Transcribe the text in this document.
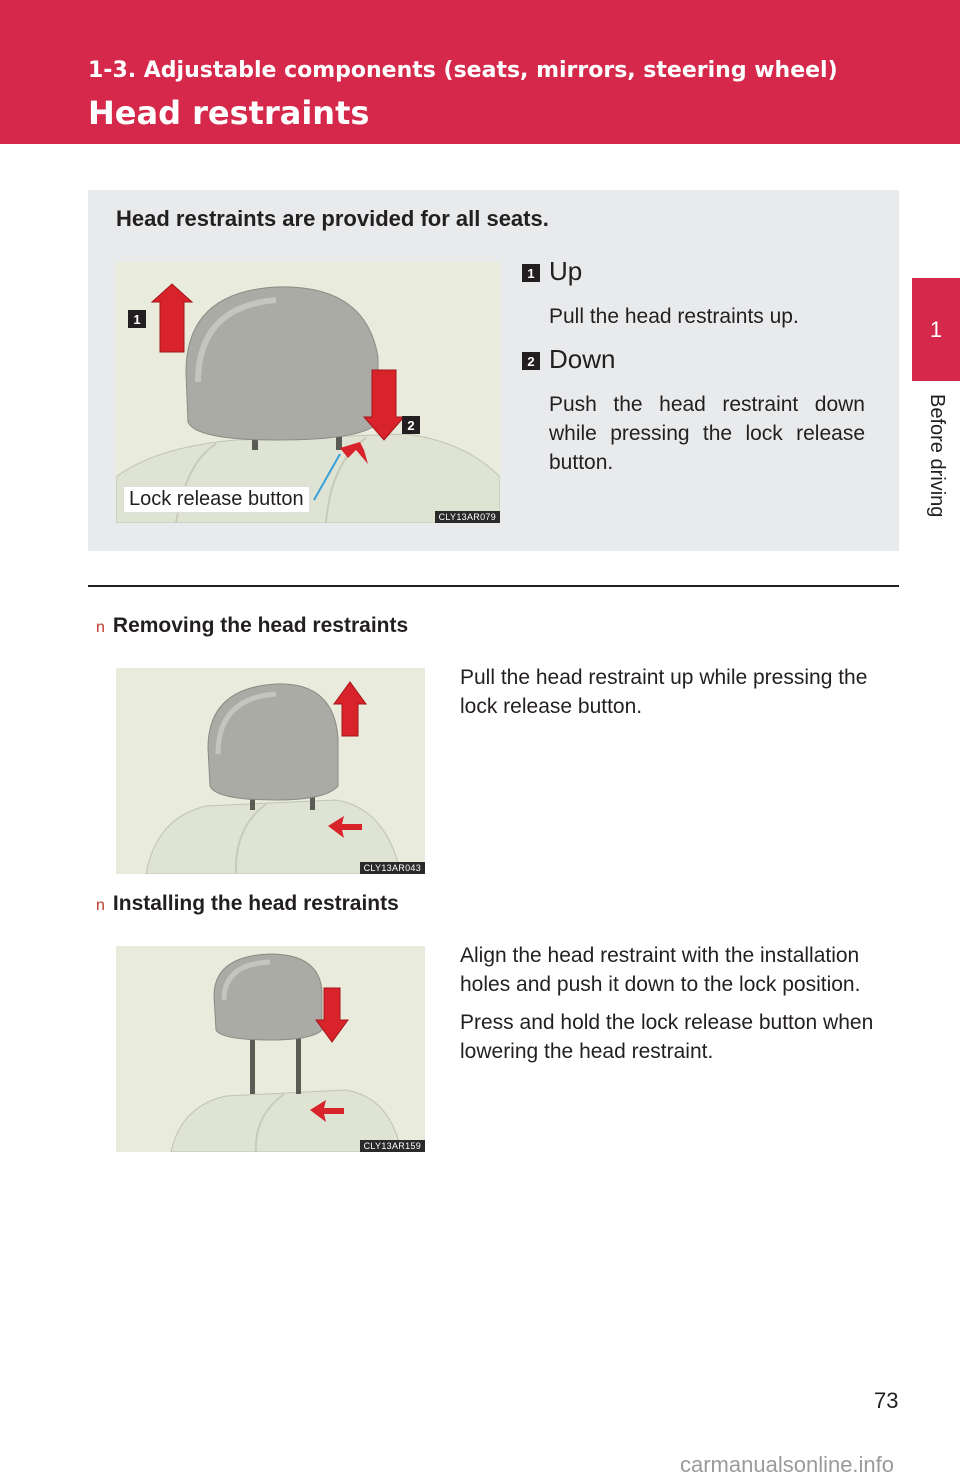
1-3. Adjustable components (seats, mirrors, steering wheel)
Head restraints
1
Before driving
Head restraints are provided for all seats.
CLY13AR079
1
2
Lock release button
1 Up
Pull the head restraints up.
2 Down
Push the head restraint down while pressing the lock release button.
n Removing the head restraints
CLY13AR043

Pull the head restraint up while pressing the lock release button.

n Installing the head restraints
CLY13AR159

Align the head restraint with the installation holes and push it down to the lock position.

Press and hold the lock release button when lowering the head restraint.

73
carmanualsonline.info
